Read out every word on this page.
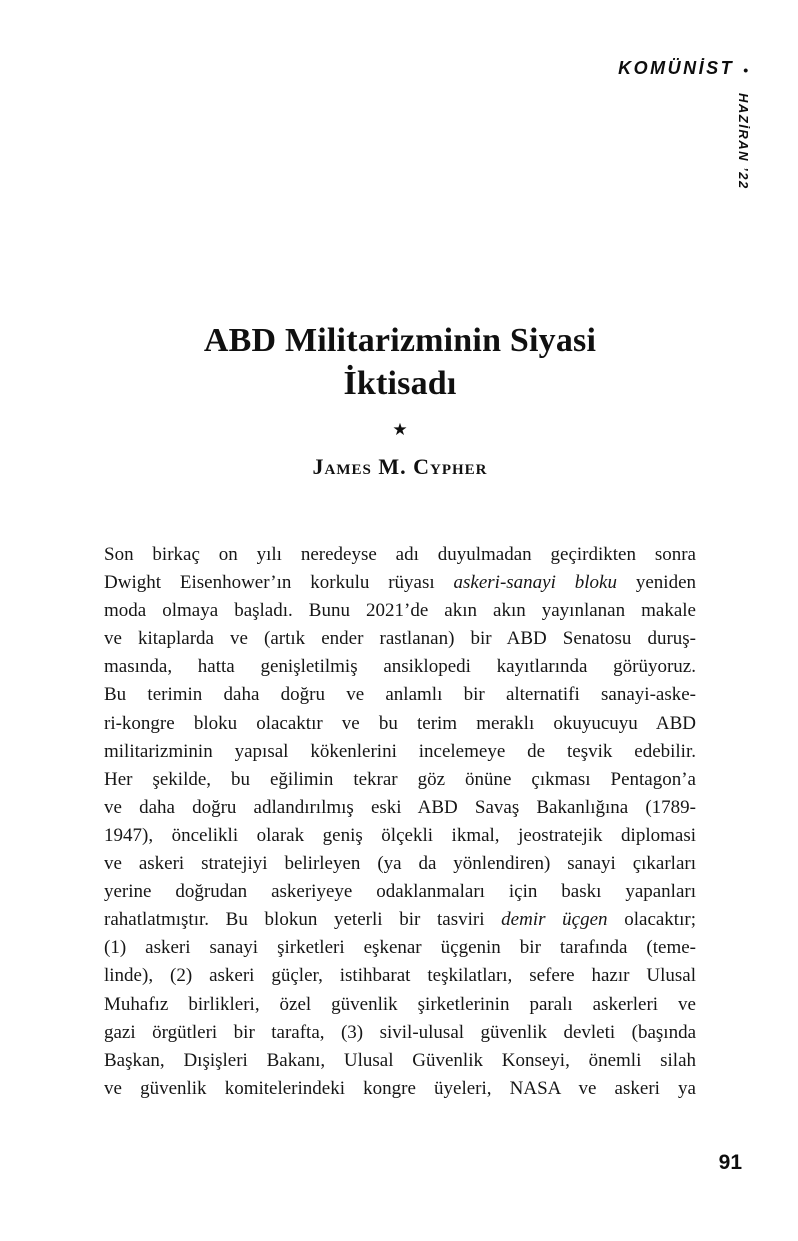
KOMÜNİST •
HAZİRAN ’22
ABD Militarizminin Siyasi
İktisadı
★
James M. Cypher
Son birkaç on yılı neredeyse adı duyulmadan geçirdikten sonra
Dwight Eisenhower’ın korkulu rüyası askeri-sanayi bloku yeniden
moda olmaya başladı. Bunu 2021’de akın akın yayınlanan makale
ve kitaplarda ve (artık ender rastlanan) bir ABD Senatosu duruş-
masında, hatta genişletilmiş ansiklopedi kayıtlarında görüyoruz.
Bu terimin daha doğru ve anlamlı bir alternatifi sanayi-aske-
ri-kongre bloku olacaktır ve bu terim meraklı okuyucuyu ABD
militarizminin yapısal kökenlerini incelemeye de teşvik edebilir.
Her şekilde, bu eğilimin tekrar göz önüne çıkması Pentagon’a
ve daha doğru adlandırılmış eski ABD Savaş Bakanlığına (1789-
1947), öncelikli olarak geniş ölçekli ikmal, jeostratejik diplomasi
ve askeri stratejiyi belirleyen (ya da yönlendiren) sanayi çıkarları
yerine doğrudan askeriyeye odaklanmaları için baskı yapanları
rahatlatmıştır. Bu blokun yeterli bir tasviri demir üçgen olacaktır;
(1) askeri sanayi şirketleri eşkenar üçgenin bir tarafında (teme-
linde), (2) askeri güçler, istihbarat teşkilatları, sefere hazır Ulusal
Muhafız birlikleri, özel güvenlik şirketlerinin paralı askerleri ve
gazi örgütleri bir tarafta, (3) sivil-ulusal güvenlik devleti (başında
Başkan, Dışişleri Bakanı, Ulusal Güvenlik Konseyi, önemli silah
ve güvenlik komitelerindeki kongre üyeleri, NASA ve askeri ya
91
